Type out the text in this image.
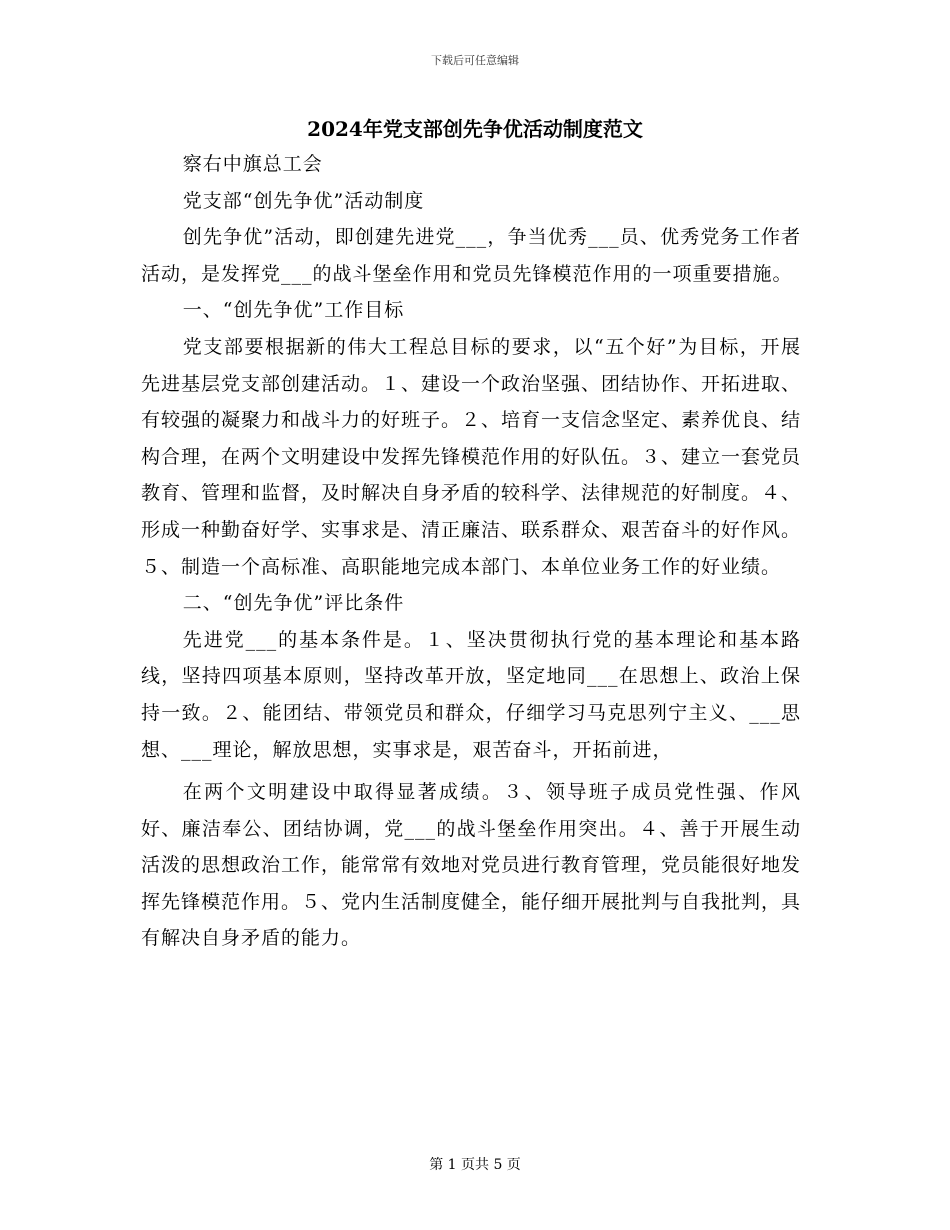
下载后可任意编辑
2024年党支部创先争优活动制度范文

察右中旗总工会

党支部“创先争优”活动制度

创先争优”活动，即创建先进党___，争当优秀___员、优秀党务工作者活动，是发挥党___的战斗堡垒作用和党员先锋模范作用的一项重要措施。

一、“创先争优”工作目标

党支部要根据新的伟大工程总目标的要求，以“五个好”为目标，开展先进基层党支部创建活动。１、建设一个政治坚强、团结协作、开拓进取、有较强的凝聚力和战斗力的好班子。２、培育一支信念坚定、素养优良、结构合理，在两个文明建设中发挥先锋模范作用的好队伍。３、建立一套党员教育、管理和监督，及时解决自身矛盾的较科学、法律规范的好制度。４、形成一种勤奋好学、实事求是、清正廉洁、联系群众、艰苦奋斗的好作风。５、制造一个高标准、高职能地完成本部门、本单位业务工作的好业绩。

二、“创先争优”评比条件

先进党___的基本条件是。１、坚决贯彻执行党的基本理论和基本路线，坚持四项基本原则，坚持改革开放，坚定地同___在思想上、政治上保持一致。２、能团结、带领党员和群众，仔细学习马克思列宁主义、___思想、___理论，解放思想，实事求是，艰苦奋斗，开拓前进，

在两个文明建设中取得显著成绩。３、领导班子成员党性强、作风好、廉洁奉公、团结协调，党___的战斗堡垒作用突出。４、善于开展生动活泼的思想政治工作，能常常有效地对党员进行教育管理，党员能很好地发挥先锋模范作用。５、党内生活制度健全，能仔细开展批判与自我批判，具有解决自身矛盾的能力。

第 1 页共 5 页
